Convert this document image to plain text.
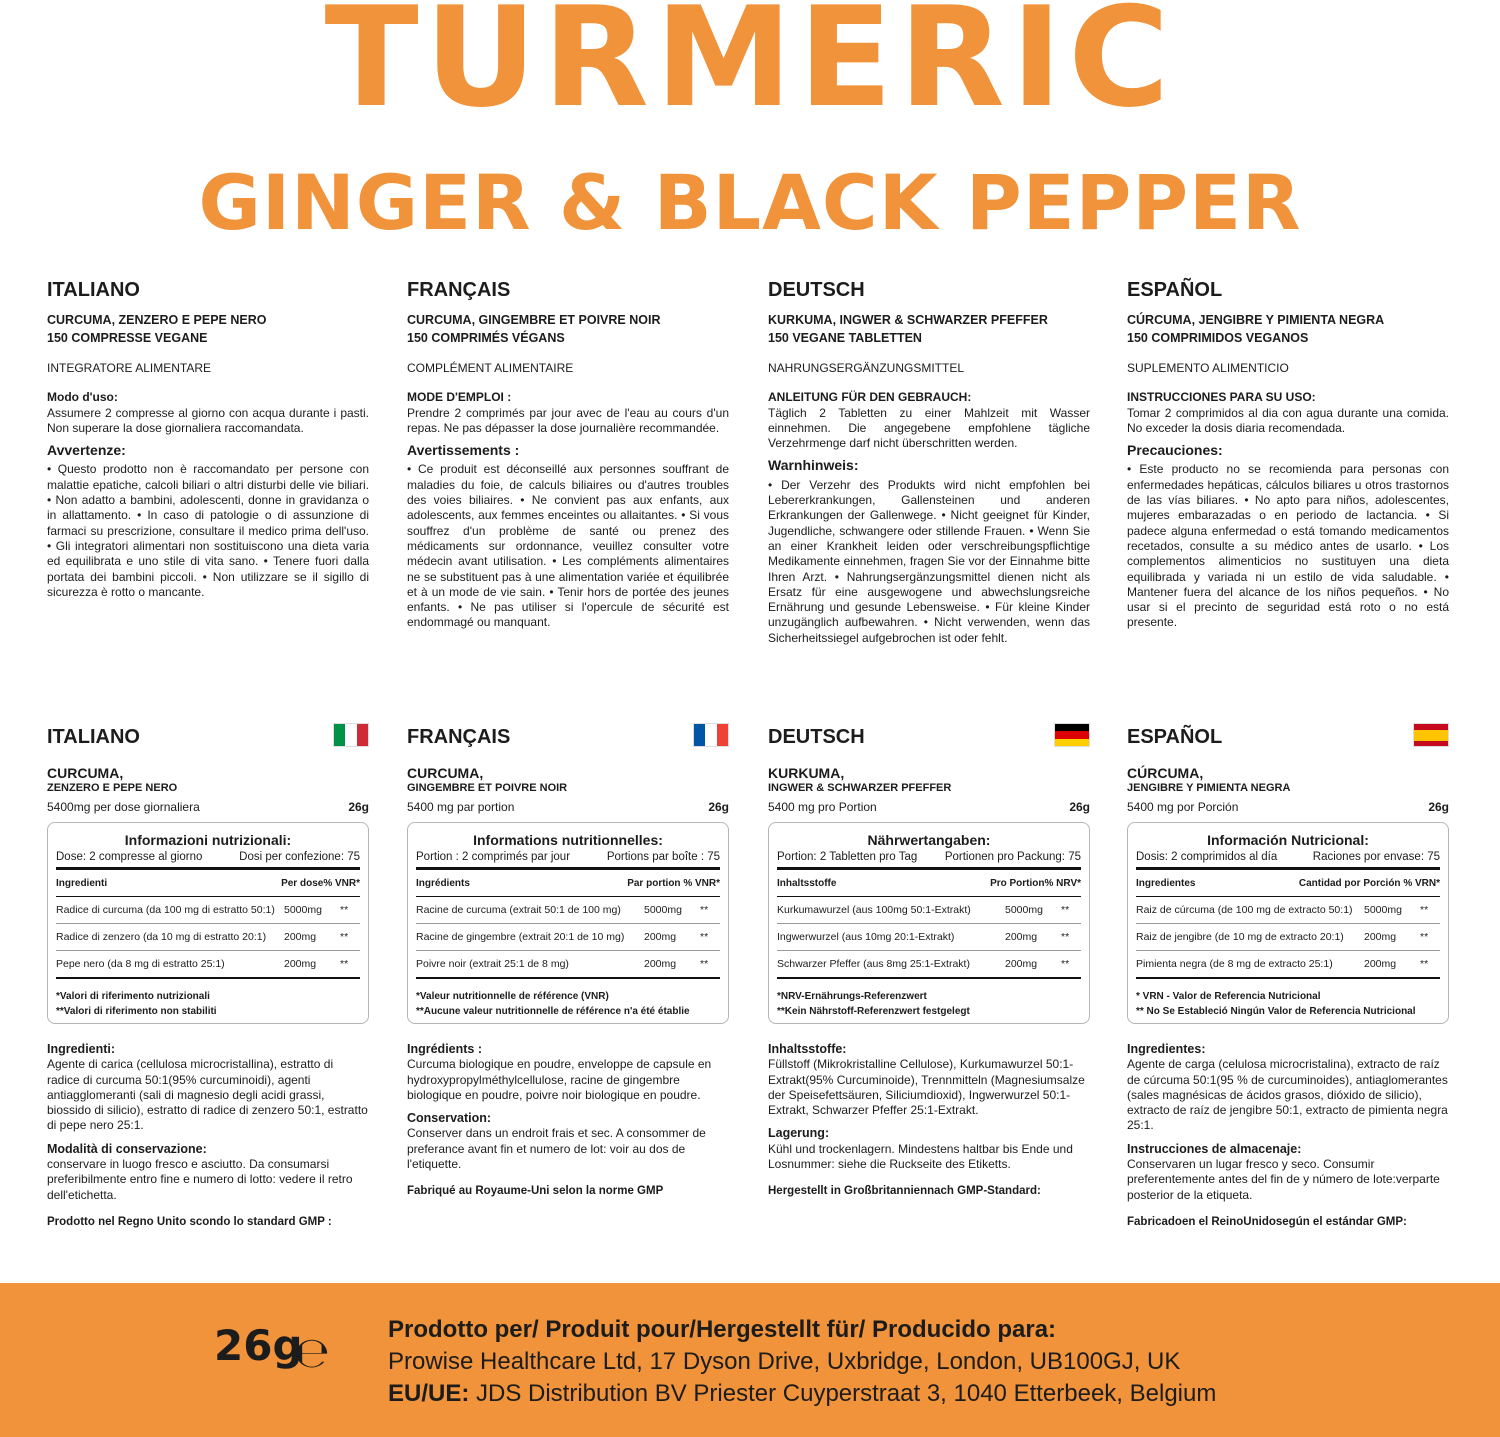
TURMERIC
GINGER & BLACK PEPPER
ITALIANO
CURCUMA, ZENZERO E PEPE NERO
150 COMPRESSE VEGANE
INTEGRATORE ALIMENTARE
Modo d'uso:

Assumere 2 compresse al giorno con acqua durante i pasti. Non superare la dose giornaliera raccomandata.

Avvertenze:

• Questo prodotto non è raccomandato per persone con malattie epatiche, calcoli biliari o altri disturbi delle vie biliari. • Non adatto a bambini, adolescenti, donne in gravidanza o in allattamento. • In caso di patologie o di assunzione di farmaci su prescrizione, consultare il medico prima dell'uso. • Gli integratori alimentari non sostituiscono una dieta varia ed equilibrata e uno stile di vita sano. • Tenere fuori dalla portata dei bambini piccoli. • Non utilizzare se il sigillo di sicurezza è rotto o mancante.

FRANÇAIS
CURCUMA, GINGEMBRE ET POIVRE NOIR
150 COMPRIMÉS VÉGANS
COMPLÉMENT ALIMENTAIRE
MODE D'EMPLOI :

Prendre 2 comprimés par jour avec de l'eau au cours d'un repas. Ne pas dépasser la dose journalière recommandée.

Avertissements :

• Ce produit est déconseillé aux personnes souffrant de maladies du foie, de calculs biliaires ou d'autres troubles des voies biliaires. • Ne convient pas aux enfants, aux adolescents, aux femmes enceintes ou allaitantes. • Si vous souffrez d'un problème de santé ou prenez des médicaments sur ordonnance, veuillez consulter votre médecin avant utilisation. • Les compléments alimentaires ne se substituent pas à une alimentation variée et équilibrée et à un mode de vie sain. • Tenir hors de portée des jeunes enfants. • Ne pas utiliser si l'opercule de sécurité est endommagé ou manquant.

DEUTSCH
KURKUMA, INGWER & SCHWARZER PFEFFER
150 VEGANE TABLETTEN
NAHRUNGSERGÄNZUNGSMITTEL
ANLEITUNG FÜR DEN GEBRAUCH:

Täglich 2 Tabletten zu einer Mahlzeit mit Wasser einnehmen. Die angegebene empfohlene tägliche Verzehrmenge darf nicht überschritten werden.

Warnhinweis:

• Der Verzehr des Produkts wird nicht empfohlen bei Lebererkrankungen, Gallensteinen und anderen Erkrankungen der Gallenwege. • Nicht geeignet für Kinder, Jugendliche, schwangere oder stillende Frauen. • Wenn Sie an einer Krankheit leiden oder verschreibungspflichtige Medikamente einnehmen, fragen Sie vor der Einnahme bitte Ihren Arzt. • Nahrungsergänzungsmittel dienen nicht als Ersatz für eine ausgewogene und abwechslungsreiche Ernährung und gesunde Lebensweise. • Für kleine Kinder unzugänglich aufbewahren. • Nicht verwenden, wenn das Sicherheitssiegel aufgebrochen ist oder fehlt.

ESPAÑOL
CÚRCUMA, JENGIBRE Y PIMIENTA NEGRA
150 COMPRIMIDOS VEGANOS
SUPLEMENTO ALIMENTICIO
INSTRUCCIONES PARA SU USO:

Tomar 2 comprimidos al dia con agua durante una comida. No exceder la dosis diaria recomendada.

Precauciones:

• Este producto no se recomienda para personas con enfermedades hepáticas, cálculos biliares u otros trastornos de las vías biliares. • No apto para niños, adolescentes, mujeres embarazadas o en periodo de lactancia. • Si padece alguna enfermedad o está tomando medicamentos recetados, consulte a su médico antes de usarlo. • Los complementos alimenticios no sustituyen una dieta equilibrada y variada ni un estilo de vida saludable. • Mantener fuera del alcance de los niños pequeños. • No usar si el precinto de seguridad está roto o no está presente.

ITALIANO
CURCUMA,
ZENZERO E PEPE NERO
5400mg per dose giornaliera	26g
Informazioni nutrizionali:
Dose: 2 compresse al giorno	Dosi per confezione: 75
Ingredienti	Per dose% VNR*
Radice di curcuma (da 100 mg di estratto 50:1) 5000mg	**
Radice di zenzero (da 10 mg di estratto 20:1)	200mg	**
Pepe nero (da 8 mg di estratto 25:1)	200mg	**
*Valori di riferimento nutrizionali
**Valori di riferimento non stabiliti
Ingredienti:

Agente di carica (cellulosa microcristallina), estratto di radice di curcuma 50:1(95% curcuminoidi), agenti antiagglomeranti (sali di magnesio degli acidi grassi, biossido di silicio), estratto di radice di zenzero 50:1, estratto di pepe nero 25:1.

Modalità di conservazione:

conservare in luogo fresco e asciutto. Da consumarsi preferibilmente entro fine e numero di lotto: vedere il retro dell'etichetta.

Prodotto nel Regno Unito scondo lo standard GMP :
FRANÇAIS
CURCUMA,
GINGEMBRE ET POIVRE NOIR
5400 mg par portion	26g
Informations nutritionnelles:
Portion : 2 comprimés par jour	Portions par boîte : 75
Ingrédients	Par portion % VNR*
Racine de curcuma (extrait 50:1 de 100 mg)	5000mg	**
Racine de gingembre (extrait 20:1 de 10 mg)	200mg	**
Poivre noir (extrait 25:1 de 8 mg)	200mg	**
*Valeur nutritionnelle de référence (VNR)
**Aucune valeur nutritionnelle de référence n'a été établie
Ingrédients :

Curcuma biologique en poudre, enveloppe de capsule en hydroxypropylméthylcellulose, racine de gingembre biologique en poudre, poivre noir biologique en poudre.

Conservation:

Conserver dans un endroit frais et sec. A consommer de preferance avant fin et numero de lot: voir au dos de l'etiquette.

Fabriqué au Royaume-Uni selon la norme GMP
DEUTSCH
KURKUMA,
INGWER & SCHWARZER PFEFFER
5400 mg pro Portion	26g
Nährwertangaben:
Portion: 2 Tabletten pro Tag Portionen pro Packung: 75
Inhaltsstoffe	Pro Portion% NRV*
Kurkumawurzel (aus 100mg 50:1-Extrakt)	5000mg	**
Ingwerwurzel (aus 10mg 20:1-Extrakt)	200mg	**
Schwarzer Pfeffer (aus 8mg 25:1-Extrakt)	200mg	**
*NRV-Ernährungs-Referenzwert
**Kein Nährstoff-Referenzwert festgelegt
Inhaltsstoffe:

Füllstoff (Mikrokristalline Cellulose), Kurkumawurzel 50:1-Extrakt(95% Curcuminoide), Trennmitteln (Magnesiumsalze der Speisefettsäuren, Siliciumdioxid), Ingwerwurzel 50:1-Extrakt, Schwarzer Pfeffer 25:1-Extrakt.

Lagerung:

Kühl und trockenlagern. Mindestens haltbar bis Ende und Losnummer: siehe die Ruckseite des Etiketts.

Hergestellt in Großbritanniennach GMP-Standard:
ESPAÑOL
CÚRCUMA,
JENGIBRE Y PIMIENTA NEGRA
5400 mg por Porción	26g
Información Nutricional:
Dosis: 2 comprimidos al día	Raciones por envase: 75
Ingredientes	Cantidad por Porción % VRN*
Raiz de cúrcuma (de 100 mg de extracto 50:1)	5000mg	**
Raiz de jengibre (de 10 mg de extracto 20:1)	200mg	**
Pimienta negra (de 8 mg de extracto 25:1)	200mg	**
* VRN - Valor de Referencia Nutricional
** No Se Estableció Ningún Valor de Referencia Nutricional
Ingredientes:

Agente de carga (celulosa microcristalina), extracto de raíz de cúrcuma 50:1(95 % de curcuminoides), antiaglomerantes (sales magnésicas de ácidos grasos, dióxido de silicio), extracto de raíz de jengibre 50:1, extracto de pimienta negra 25:1.

Instrucciones de almacenaje:

Conservaren un lugar fresco y seco. Consumir preferentemente antes del fin de y número de lote:verparte posterior de la etiqueta.

Fabricadoen el ReinoUnidosegún el estándar GMP:
26g
℮ Prodotto per/ Produit pour/Hergestellt für/ Producido para:
Prowise Healthcare Ltd, 17 Dyson Drive, Uxbridge, London, UB100GJ, UK
EU/UE: JDS Distribution BV Priester Cuyperstraat 3, 1040 Etterbeek, Belgium
